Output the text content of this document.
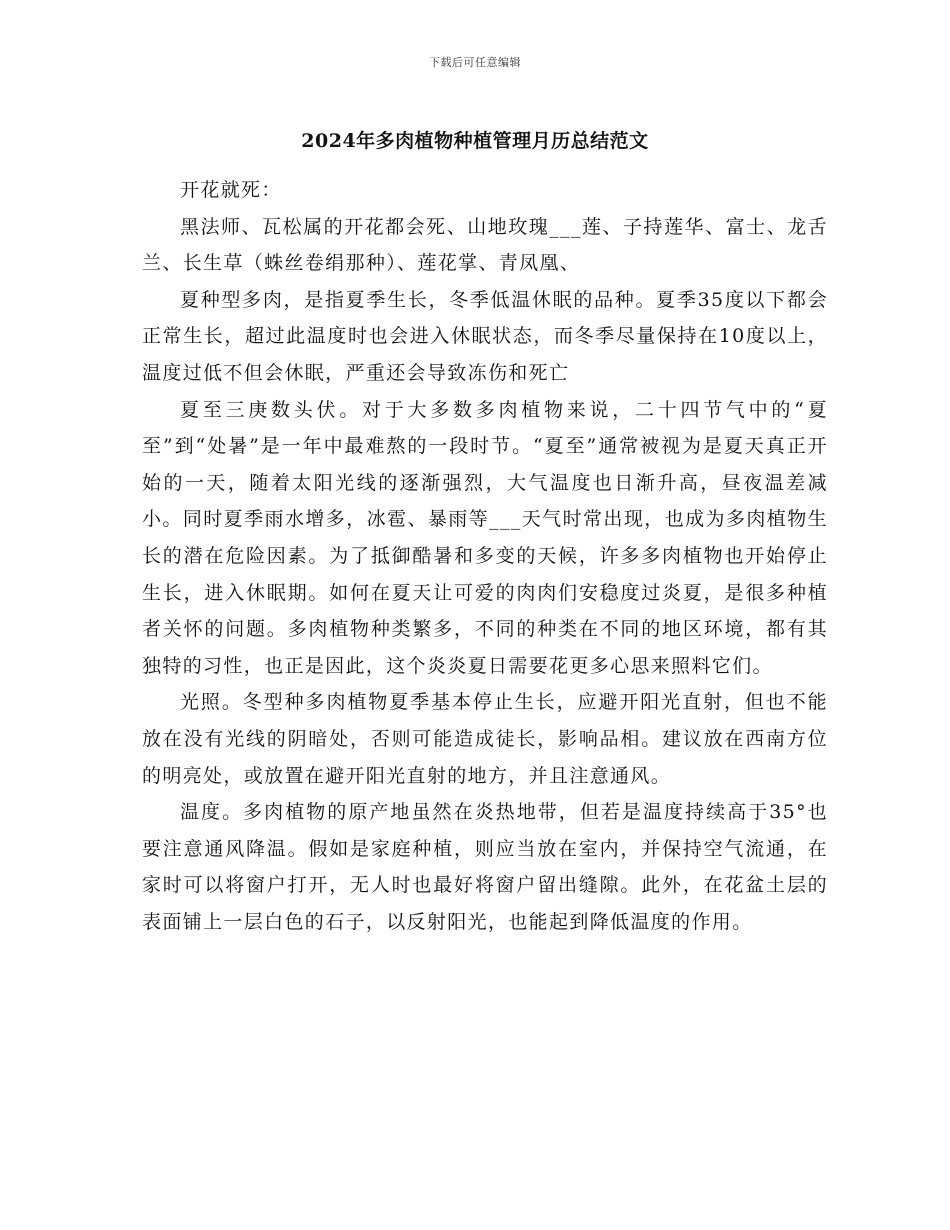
下载后可任意编辑
2024年多肉植物种植管理月历总结范文

开花就死：

黑法师、瓦松属的开花都会死、山地玫瑰___莲、子持莲华、富士、龙舌兰、长生草（蛛丝卷绢那种）、莲花掌、青凤凰、

夏种型多肉，是指夏季生长，冬季低温休眠的品种。夏季35度以下都会正常生长，超过此温度时也会进入休眠状态，而冬季尽量保持在10度以上，温度过低不但会休眠，严重还会导致冻伤和死亡

夏至三庚数头伏。对于大多数多肉植物来说，二十四节气中的“夏至”到“处暑”是一年中最难熬的一段时节。“夏至”通常被视为是夏天真正开始的一天，随着太阳光线的逐渐强烈，大气温度也日渐升高，昼夜温差减小。同时夏季雨水增多，冰雹、暴雨等___天气时常出现，也成为多肉植物生长的潜在危险因素。为了抵御酷暑和多变的天候，许多多肉植物也开始停止生长，进入休眠期。如何在夏天让可爱的肉肉们安稳度过炎夏，是很多种植者关怀的问题。多肉植物种类繁多，不同的种类在不同的地区环境，都有其独特的习性，也正是因此，这个炎炎夏日需要花更多心思来照料它们。

光照。冬型种多肉植物夏季基本停止生长，应避开阳光直射，但也不能放在没有光线的阴暗处，否则可能造成徒长，影响品相。建议放在西南方位的明亮处，或放置在避开阳光直射的地方，并且注意通风。

温度。多肉植物的原产地虽然在炎热地带，但若是温度持续高于35°也要注意通风降温。假如是家庭种植，则应当放在室内，并保持空气流通，在家时可以将窗户打开，无人时也最好将窗户留出缝隙。此外，在花盆土层的表面铺上一层白色的石子，以反射阳光，也能起到降低温度的作用。
